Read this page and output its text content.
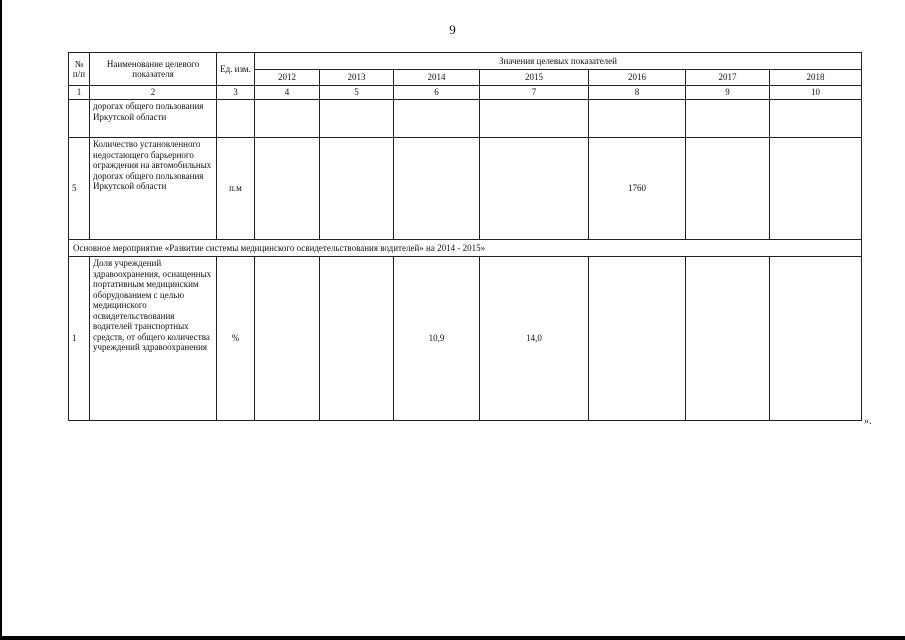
9
№ п/п	Наименование целевого показателя	Ед. изм.	Значения целевых показателей						
			2012	2013	2014	2015	2016	2017	2018
1	2	3	4	5	6	7	8	9	10
	дорогах общего пользования Иркутской области								
5	Количество установленного недостающего барьерного ограждения на автомобильных дорогах общего пользования Иркутской области	п.м					1760		
Основное мероприятие «Развитие системы медицинского освидетельствования водителей» на 2014 - 2015»									
1	Доля учреждений здравоохранения, оснащенных портативным медицинским оборудованием с целью медицинского освидетельствования водителей транспортных средств, от общего количества учреждений здравоохранения	%			10,9	14,0			
».
